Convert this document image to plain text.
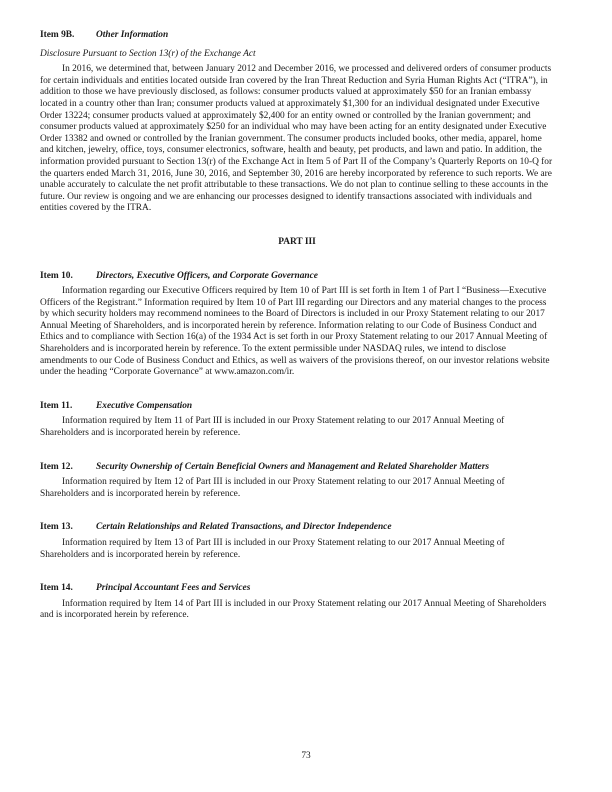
Item 9B.	Other Information
Disclosure Pursuant to Section 13(r) of the Exchange Act

In 2016, we determined that, between January 2012 and December 2016, we processed and delivered orders of consumer products for certain individuals and entities located outside Iran covered by the Iran Threat Reduction and Syria Human Rights Act (“ITRA”), in addition to those we have previously disclosed, as follows: consumer products valued at approximately $50 for an Iranian embassy located in a country other than Iran; consumer products valued at approximately $1,300 for an individual designated under Executive Order 13224; consumer products valued at approximately $2,400 for an entity owned or controlled by the Iranian government; and consumer products valued at approximately $250 for an individual who may have been acting for an entity designated under Executive Order 13382 and owned or controlled by the Iranian government. The consumer products included books, other media, apparel, home and kitchen, jewelry, office, toys, consumer electronics, software, health and beauty, pet products, and lawn and patio. In addition, the information provided pursuant to Section 13(r) of the Exchange Act in Item 5 of Part II of the Company’s Quarterly Reports on 10-Q for the quarters ended March 31, 2016, June 30, 2016, and September 30, 2016 are hereby incorporated by reference to such reports. We are unable accurately to calculate the net profit attributable to these transactions. We do not plan to continue selling to these accounts in the future. Our review is ongoing and we are enhancing our processes designed to identify transactions associated with individuals and entities covered by the ITRA.

PART III
Item 10.	Directors, Executive Officers, and Corporate Governance

Information regarding our Executive Officers required by Item 10 of Part III is set forth in Item 1 of Part I “Business—Executive Officers of the Registrant.” Information required by Item 10 of Part III regarding our Directors and any material changes to the process by which security holders may recommend nominees to the Board of Directors is included in our Proxy Statement relating to our 2017 Annual Meeting of Shareholders, and is incorporated herein by reference. Information relating to our Code of Business Conduct and Ethics and to compliance with Section 16(a) of the 1934 Act is set forth in our Proxy Statement relating to our 2017 Annual Meeting of Shareholders and is incorporated herein by reference. To the extent permissible under NASDAQ rules, we intend to disclose amendments to our Code of Business Conduct and Ethics, as well as waivers of the provisions thereof, on our investor relations website under the heading “Corporate Governance” at www.amazon.com/ir.

Item 11.	Executive Compensation

Information required by Item 11 of Part III is included in our Proxy Statement relating to our 2017 Annual Meeting of Shareholders and is incorporated herein by reference.

Item 12.	Security Ownership of Certain Beneficial Owners and Management and Related Shareholder Matters

Information required by Item 12 of Part III is included in our Proxy Statement relating to our 2017 Annual Meeting of Shareholders and is incorporated herein by reference.

Item 13.	Certain Relationships and Related Transactions, and Director Independence

Information required by Item 13 of Part III is included in our Proxy Statement relating to our 2017 Annual Meeting of Shareholders and is incorporated herein by reference.

Item 14.	Principal Accountant Fees and Services

Information required by Item 14 of Part III is included in our Proxy Statement relating our 2017 Annual Meeting of Shareholders and is incorporated herein by reference.

73
